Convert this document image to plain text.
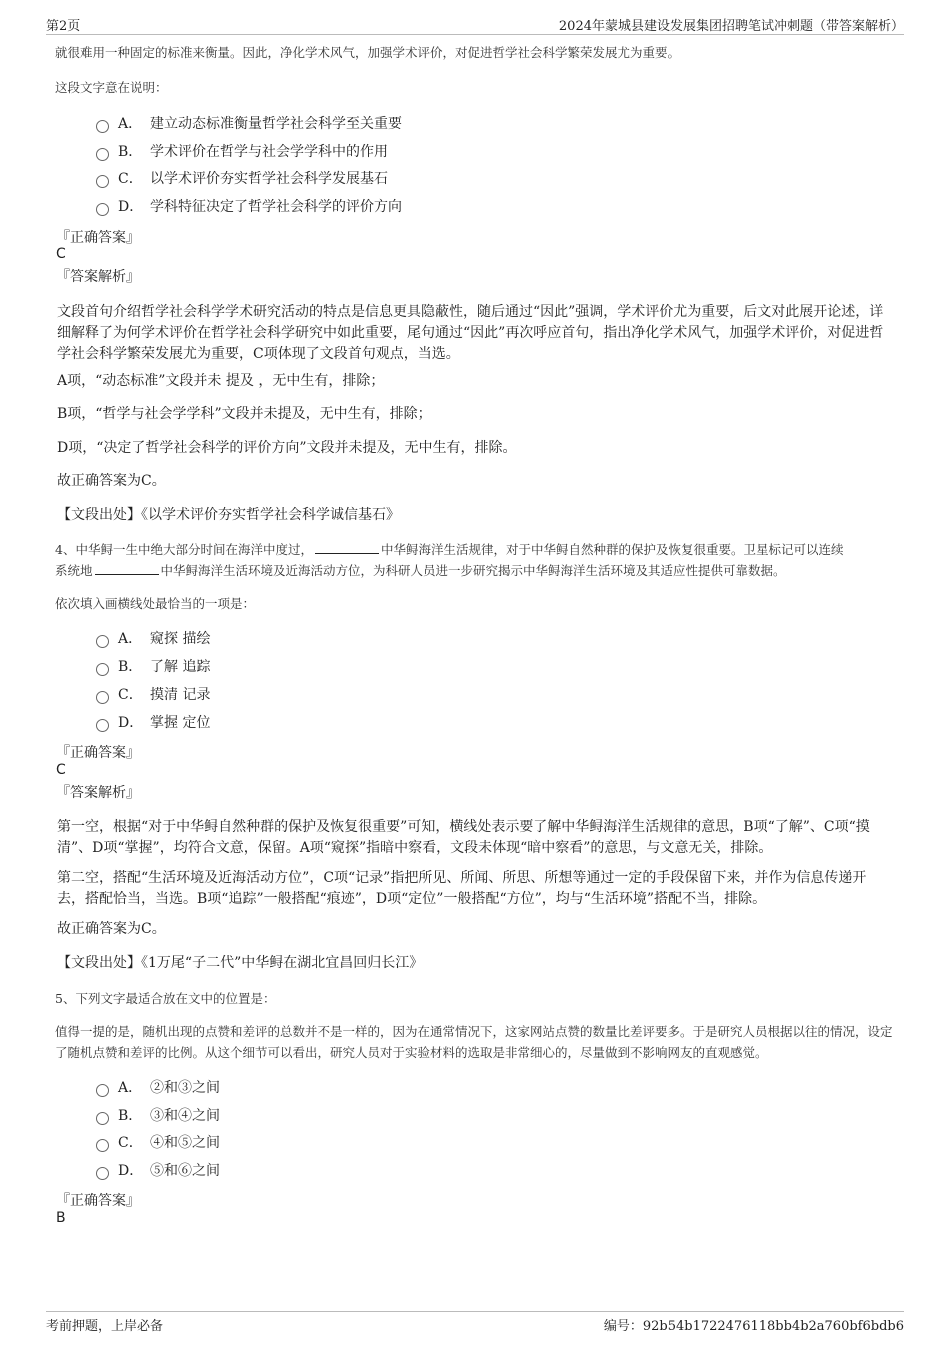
第2页	2024年蒙城县建设发展集团招聘笔试冲刺题（带答案解析）
就很难用一种固定的标准来衡量。因此，净化学术风气，加强学术评价，对促进哲学社会科学繁荣发展尤为重要。
这段文字意在说明：
A． 建立动态标准衡量哲学社会科学至关重要
B． 学术评价在哲学与社会学学科中的作用
C． 以学术评价夯实哲学社会科学发展基石
D． 学科特征决定了哲学社会科学的评价方向
『正确答案』
C
『答案解析』
文段首句介绍哲学社会科学学术研究活动的特点是信息更具隐蔽性，随后通过“因此”强调，学术评价尤为重要，后文对此展开论述，详细解释了为何学术评价在哲学社会科学研究中如此重要，尾句通过“因此”再次呼应首句，指出净化学术风气，加强学术评价，对促进哲学社会科学繁荣发展尤为重要，C项体现了文段首句观点，当选。
A项，“动态标准”文段并未 提及 ，无中生有，排除；
B项，“哲学与社会学学科”文段并未提及，无中生有，排除；
D项，“决定了哲学社会科学的评价方向”文段并未提及，无中生有，排除。
故正确答案为C。
【文段出处】《以学术评价夯实哲学社会科学诚信基石》
4、中华鲟一生中绝大部分时间在海洋中度过，	中华鲟海洋生活规律，对于中华鲟自然种群的保护及恢复很重要。卫星标记可以连续
系统地	中华鲟海洋生活环境及近海活动方位，为科研人员进一步研究揭示中华鲟海洋生活环境及其适应性提供可靠数据。
依次填入画横线处最恰当的一项是：
A． 窥探 描绘
B． 了解 追踪
C． 摸清 记录
D． 掌握 定位
『正确答案』
C
『答案解析』
第一空，根据“对于中华鲟自然种群的保护及恢复很重要”可知，横线处表示要了解中华鲟海洋生活规律的意思，B项“了解”、C项“摸清”、D项“掌握”，均符合文意，保留。A项“窥探”指暗中察看，文段未体现“暗中察看”的意思，与文意无关，排除。
第二空，搭配“生活环境及近海活动方位”，C项“记录”指把所见、所闻、所思、所想等通过一定的手段保留下来，并作为信息传递开去，搭配恰当，当选。B项“追踪”一般搭配“痕迹”，D项“定位”一般搭配“方位”，均与“生活环境”搭配不当，排除。
故正确答案为C。
【文段出处】《1万尾“子二代”中华鲟在湖北宜昌回归长江》
5、下列文字最适合放在文中的位置是：
值得一提的是，随机出现的点赞和差评的总数并不是一样的，因为在通常情况下，这家网站点赞的数量比差评要多。于是研究人员根据以往的情况，设定了随机点赞和差评的比例。从这个细节可以看出，研究人员对于实验材料的选取是非常细心的，尽量做到不影响网友的直观感觉。
A． ②和③之间
B． ③和④之间
C． ④和⑤之间
D． ⑤和⑥之间
『正确答案』
B
考前押题，上岸必备	编号：92b54b1722476118bb4b2a760bf6bdb6
